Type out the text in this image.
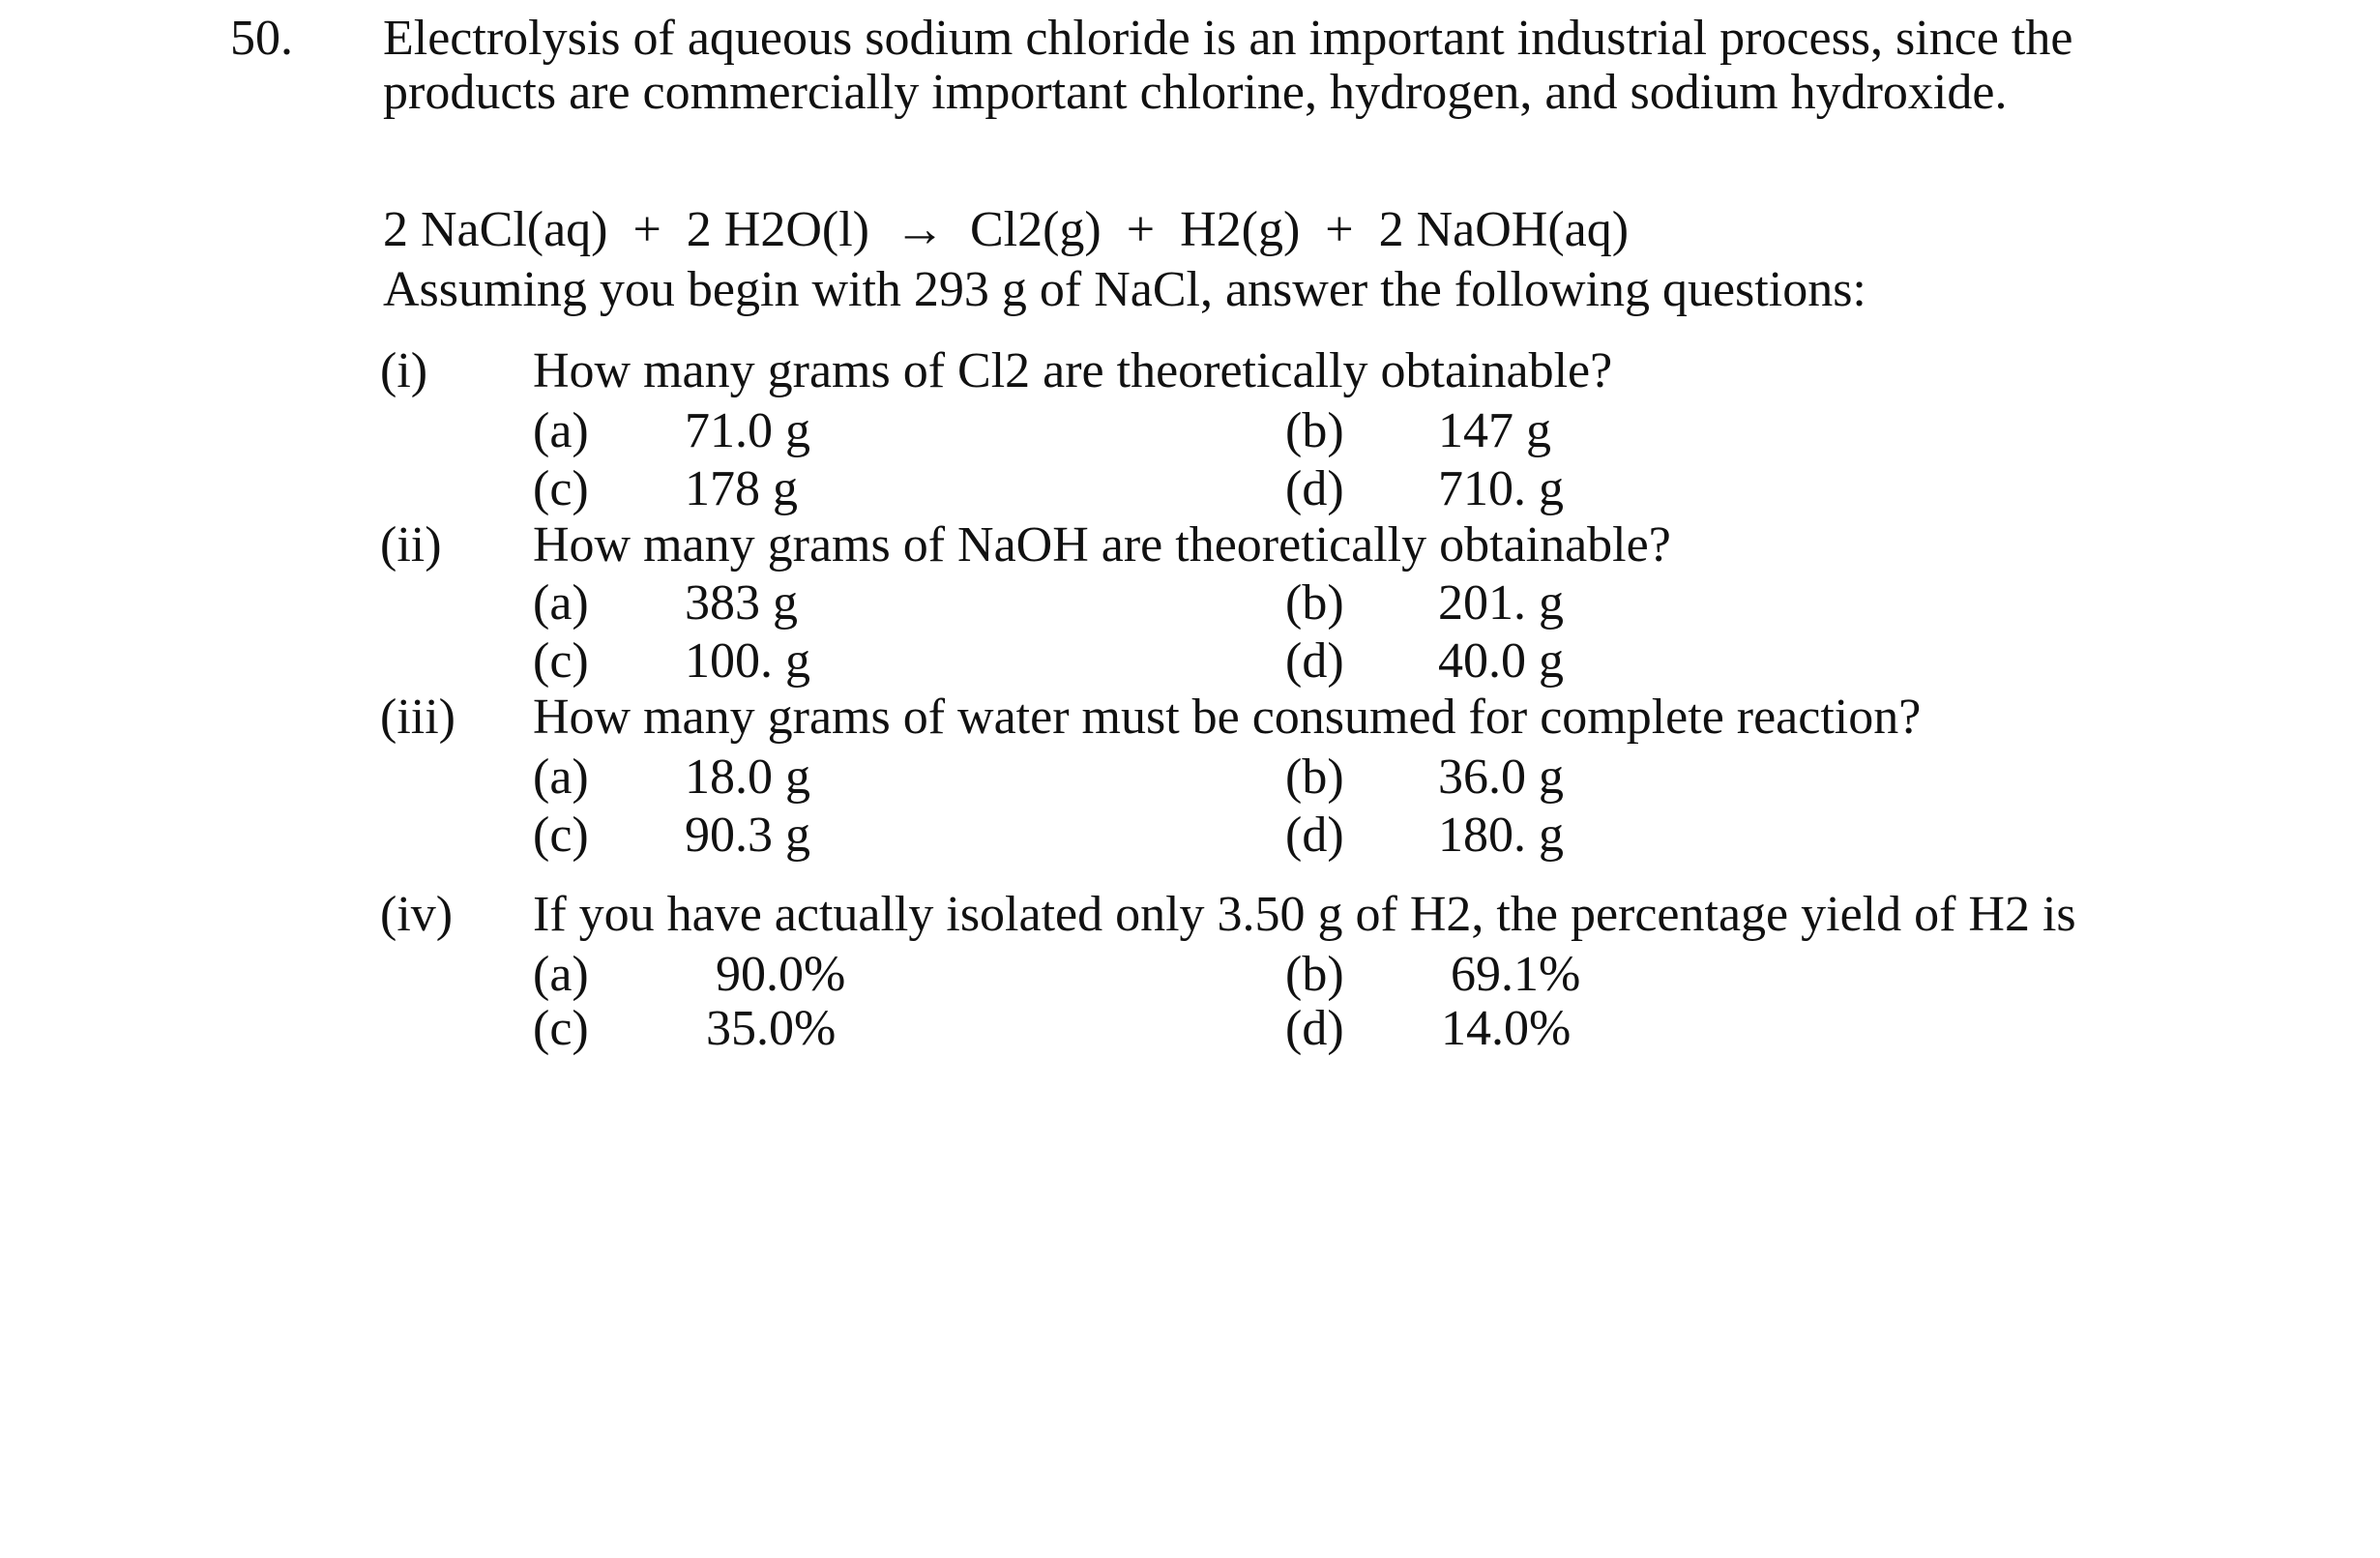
50. Electrolysis of aqueous sodium chloride is an important industrial process, since the
products are commercially important chlorine, hydrogen, and sodium hydroxide.
2 NaCl(aq)  +  2 H2O(l)  →  Cl2(g)  +  H2(g)  +  2 NaOH(aq)
Assuming you begin with 293 g of NaCl, answer the following questions:
(i) How many grams of Cl2 are theoretically obtainable?
(a) 71.0 g	(b) 147 g
(c) 178 g	(d) 710. g
(ii) How many grams of NaOH are theoretically obtainable?
(a) 383 g	(b) 201. g
(c) 100. g	(d) 40.0 g
(iii) How many grams of water must be consumed for complete reaction?
(a) 18.0 g	(b) 36.0 g
(c) 90.3 g	(d) 180. g
(iv) If you have actually isolated only 3.50 g of H2, the percentage yield of H2 is
(a)	90.0%	(b) 69.1%
(c) 35.0%	(d) 14.0%
